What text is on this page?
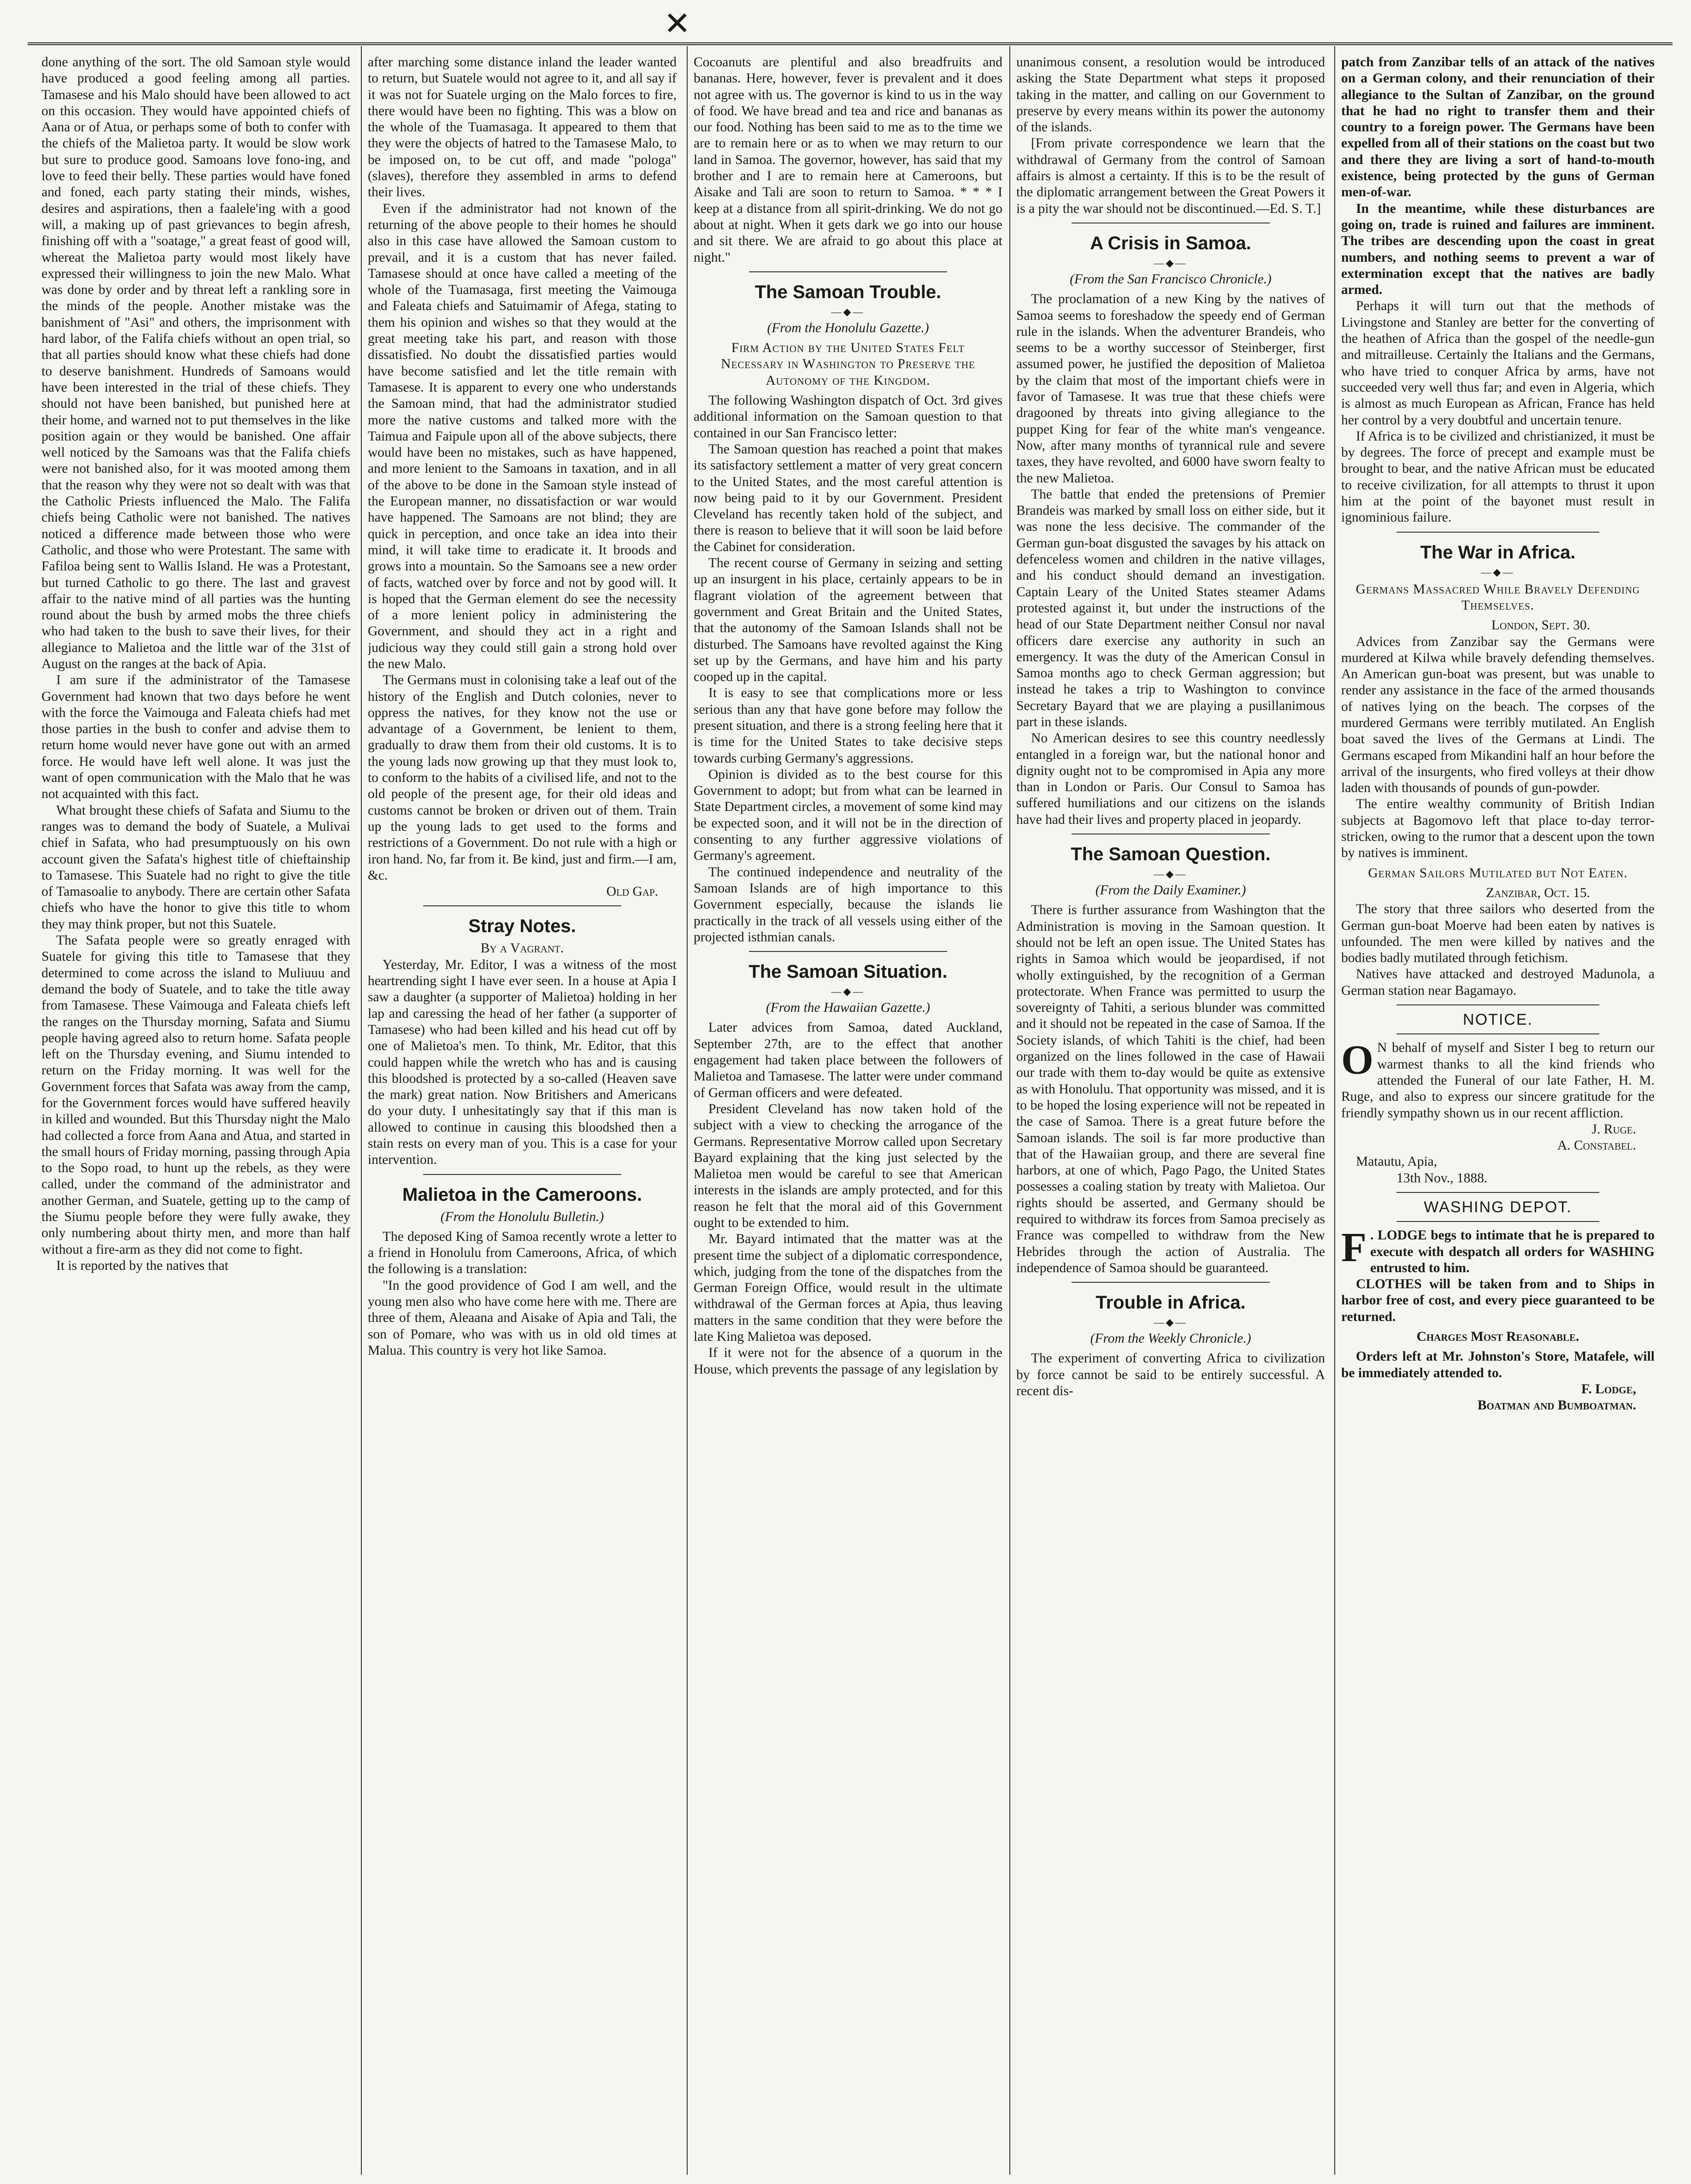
✕

done anything of the sort. The old Samoan style would have produced a good feeling among all parties. Tamasese and his Malo should have been allowed to act on this occasion. They would have appointed chiefs of Aana or of Atua, or perhaps some of both to confer with the chiefs of the Malietoa party. It would be slow work but sure to produce good. Samoans love fono-ing, and love to feed their belly. These parties would have foned and foned, each party stating their minds, wishes, desires and aspirations, then a faalele'ing with a good will, a making up of past grievances to begin afresh, finishing off with a "soatage," a great feast of good will, whereat the Malietoa party would most likely have expressed their willingness to join the new Malo. What was done by order and by threat left a rankling sore in the minds of the people. Another mistake was the banishment of "Asi" and others, the imprisonment with hard labor, of the Falifa chiefs without an open trial, so that all parties should know what these chiefs had done to deserve banishment. Hundreds of Samoans would have been interested in the trial of these chiefs. They should not have been banished, but punished here at their home, and warned not to put themselves in the like position again or they would be banished. One affair well noticed by the Samoans was that the Falifa chiefs were not banished also, for it was mooted among them that the reason why they were not so dealt with was that the Catholic Priests influenced the Malo. The Falifa chiefs being Catholic were not banished. The natives noticed a difference made between those who were Catholic, and those who were Protestant. The same with Fafiloa being sent to Wallis Island. He was a Protestant, but turned Catholic to go there. The last and gravest affair to the native mind of all parties was the hunting round about the bush by armed mobs the three chiefs who had taken to the bush to save their lives, for their allegiance to Malietoa and the little war of the 31st of August on the ranges at the back of Apia.

I am sure if the administrator of the Tamasese Government had known that two days before he went with the force the Vaimouga and Faleata chiefs had met those parties in the bush to confer and advise them to return home would never have gone out with an armed force. He would have left well alone. It was just the want of open communication with the Malo that he was not acquainted with this fact.

What brought these chiefs of Safata and Siumu to the ranges was to demand the body of Suatele, a Mulivai chief in Safata, who had presumptuously on his own account given the Safata's highest title of chieftainship to Tamasese. This Suatele had no right to give the title of Tamasoalie to anybody. There are certain other Safata chiefs who have the honor to give this title to whom they may think proper, but not this Suatele.

The Safata people were so greatly enraged with Suatele for giving this title to Tamasese that they determined to come across the island to Muliuuu and demand the body of Suatele, and to take the title away from Tamasese. These Vaimouga and Faleata chiefs left the ranges on the Thursday morning, Safata and Siumu people having agreed also to return home. Safata people left on the Thursday evening, and Siumu intended to return on the Friday morning. It was well for the Government forces that Safata was away from the camp, for the Government forces would have suffered heavily in killed and wounded. But this Thursday night the Malo had collected a force from Aana and Atua, and started in the small hours of Friday morning, passing through Apia to the Sopo road, to hunt up the rebels, as they were called, under the command of the administrator and another German, and Suatele, getting up to the camp of the Siumu people before they were fully awake, they only numbering about thirty men, and more than half without a fire-arm as they did not come to fight.

It is reported by the natives that

after marching some distance inland the leader wanted to return, but Suatele would not agree to it, and all say if it was not for Suatele urging on the Malo forces to fire, there would have been no fighting. This was a blow on the whole of the Tuamasaga. It appeared to them that they were the objects of hatred to the Tamasese Malo, to be imposed on, to be cut off, and made "pologa" (slaves), therefore they assembled in arms to defend their lives.

Even if the administrator had not known of the returning of the above people to their homes he should also in this case have allowed the Samoan custom to prevail, and it is a custom that has never failed. Tamasese should at once have called a meeting of the whole of the Tuamasaga, first meeting the Vaimouga and Faleata chiefs and Satuimamir of Afega, stating to them his opinion and wishes so that they would at the great meeting take his part, and reason with those dissatisfied. No doubt the dissatisfied parties would have become satisfied and let the title remain with Tamasese. It is apparent to every one who understands the Samoan mind, that had the administrator studied more the native customs and talked more with the Taimua and Faipule upon all of the above subjects, there would have been no mistakes, such as have happened, and more lenient to the Samoans in taxation, and in all of the above to be done in the Samoan style instead of the European manner, no dissatisfaction or war would have happened. The Samoans are not blind; they are quick in perception, and once take an idea into their mind, it will take time to eradicate it. It broods and grows into a mountain. So the Samoans see a new order of facts, watched over by force and not by good will. It is hoped that the German element do see the necessity of a more lenient policy in administering the Government, and should they act in a right and judicious way they could still gain a strong hold over the new Malo.

The Germans must in colonising take a leaf out of the history of the English and Dutch colonies, never to oppress the natives, for they know not the use or advantage of a Government, be lenient to them, gradually to draw them from their old customs. It is to the young lads now growing up that they must look to, to conform to the habits of a civilised life, and not to the old people of the present age, for their old ideas and customs cannot be broken or driven out of them. Train up the young lads to get used to the forms and restrictions of a Government. Do not rule with a high or iron hand. No, far from it. Be kind, just and firm.—I am, &c.

Old Gap.
Stray Notes.
By a Vagrant.

Yesterday, Mr. Editor, I was a witness of the most heartrending sight I have ever seen. In a house at Apia I saw a daughter (a supporter of Malietoa) holding in her lap and caressing the head of her father (a supporter of Tamasese) who had been killed and his head cut off by one of Malietoa's men. To think, Mr. Editor, that this could happen while the wretch who has and is causing this bloodshed is protected by a so-called (Heaven save the mark) great nation. Now Britishers and Americans do your duty. I unhesitatingly say that if this man is allowed to continue in causing this bloodshed then a stain rests on every man of you. This is a case for your intervention.

Malietoa in the Cameroons.
(From the Honolulu Bulletin.)

The deposed King of Samoa recently wrote a letter to a friend in Honolulu from Cameroons, Africa, of which the following is a translation:

"In the good providence of God I am well, and the young men also who have come here with me. There are three of them, Aleaana and Aisake of Apia and Tali, the son of Pomare, who was with us in old old times at Malua. This country is very hot like Samoa.

Cocoanuts are plentiful and also breadfruits and bananas. Here, however, fever is prevalent and it does not agree with us. The governor is kind to us in the way of food. We have bread and tea and rice and bananas as our food. Nothing has been said to me as to the time we are to remain here or as to when we may return to our land in Samoa. The governor, however, has said that my brother and I are to remain here at Cameroons, but Aisake and Tali are soon to return to Samoa. * * * I keep at a distance from all spirit-drinking. We do not go about at night. When it gets dark we go into our house and sit there. We are afraid to go about this place at night."

The Samoan Trouble.
—◆—
(From the Honolulu Gazette.)
Firm Action by the United States Felt Necessary in Washington to Preserve the Autonomy of the Kingdom.

The following Washington dispatch of Oct. 3rd gives additional information on the Samoan question to that contained in our San Francisco letter:

The Samoan question has reached a point that makes its satisfactory settlement a matter of very great concern to the United States, and the most careful attention is now being paid to it by our Government. President Cleveland has recently taken hold of the subject, and there is reason to believe that it will soon be laid before the Cabinet for consideration.

The recent course of Germany in seizing and setting up an insurgent in his place, certainly appears to be in flagrant violation of the agreement between that government and Great Britain and the United States, that the autonomy of the Samoan Islands shall not be disturbed. The Samoans have revolted against the King set up by the Germans, and have him and his party cooped up in the capital.

It is easy to see that complications more or less serious than any that have gone before may follow the present situation, and there is a strong feeling here that it is time for the United States to take decisive steps towards curbing Germany's aggressions.

Opinion is divided as to the best course for this Government to adopt; but from what can be learned in State Department circles, a movement of some kind may be expected soon, and it will not be in the direction of consenting to any further aggressive violations of Germany's agreement.

The continued independence and neutrality of the Samoan Islands are of high importance to this Government especially, because the islands lie practically in the track of all vessels using either of the projected isthmian canals.

The Samoan Situation.
—◆—
(From the Hawaiian Gazette.)

Later advices from Samoa, dated Auckland, September 27th, are to the effect that another engagement had taken place between the followers of Malietoa and Tamasese. The latter were under command of German officers and were defeated.

President Cleveland has now taken hold of the subject with a view to checking the arrogance of the Germans. Representative Morrow called upon Secretary Bayard explaining that the king just selected by the Malietoa men would be careful to see that American interests in the islands are amply protected, and for this reason he felt that the moral aid of this Government ought to be extended to him.

Mr. Bayard intimated that the matter was at the present time the subject of a diplomatic correspondence, which, judging from the tone of the dispatches from the German Foreign Office, would result in the ultimate withdrawal of the German forces at Apia, thus leaving matters in the same condition that they were before the late King Malietoa was deposed.

If it were not for the absence of a quorum in the House, which prevents the passage of any legislation by

unanimous consent, a resolution would be introduced asking the State Department what steps it proposed taking in the matter, and calling on our Government to preserve by every means within its power the autonomy of the islands.

[From private correspondence we learn that the withdrawal of Germany from the control of Samoan affairs is almost a certainty. If this is to be the result of the diplomatic arrangement between the Great Powers it is a pity the war should not be discontinued.—Ed. S. T.]

A Crisis in Samoa.
—◆—
(From the San Francisco Chronicle.)

The proclamation of a new King by the natives of Samoa seems to foreshadow the speedy end of German rule in the islands. When the adventurer Brandeis, who seems to be a worthy successor of Steinberger, first assumed power, he justified the deposition of Malietoa by the claim that most of the important chiefs were in favor of Tamasese. It was true that these chiefs were dragooned by threats into giving allegiance to the puppet King for fear of the white man's vengeance. Now, after many months of tyrannical rule and severe taxes, they have revolted, and 6000 have sworn fealty to the new Malietoa.

The battle that ended the pretensions of Premier Brandeis was marked by small loss on either side, but it was none the less decisive. The commander of the German gun-boat disgusted the savages by his attack on defenceless women and children in the native villages, and his conduct should demand an investigation. Captain Leary of the United States steamer Adams protested against it, but under the instructions of the head of our State Department neither Consul nor naval officers dare exercise any authority in such an emergency. It was the duty of the American Consul in Samoa months ago to check German aggression; but instead he takes a trip to Washington to convince Secretary Bayard that we are playing a pusillanimous part in these islands.

No American desires to see this country needlessly entangled in a foreign war, but the national honor and dignity ought not to be compromised in Apia any more than in London or Paris. Our Consul to Samoa has suffered humiliations and our citizens on the islands have had their lives and property placed in jeopardy.

The Samoan Question.
—◆—
(From the Daily Examiner.)

There is further assurance from Washington that the Administration is moving in the Samoan question. It should not be left an open issue. The United States has rights in Samoa which would be jeopardised, if not wholly extinguished, by the recognition of a German protectorate. When France was permitted to usurp the sovereignty of Tahiti, a serious blunder was committed and it should not be repeated in the case of Samoa. If the Society islands, of which Tahiti is the chief, had been organized on the lines followed in the case of Hawaii our trade with them to-day would be quite as extensive as with Honolulu. That opportunity was missed, and it is to be hoped the losing experience will not be repeated in the case of Samoa. There is a great future before the Samoan islands. The soil is far more productive than that of the Hawaiian group, and there are several fine harbors, at one of which, Pago Pago, the United States possesses a coaling station by treaty with Malietoa. Our rights should be asserted, and Germany should be required to withdraw its forces from Samoa precisely as France was compelled to withdraw from the New Hebrides through the action of Australia. The independence of Samoa should be guaranteed.

Trouble in Africa.
—◆—
(From the Weekly Chronicle.)

The experiment of converting Africa to civilization by force cannot be said to be entirely successful. A recent dis-

patch from Zanzibar tells of an attack of the natives on a German colony, and their renunciation of their allegiance to the Sultan of Zanzibar, on the ground that he had no right to transfer them and their country to a foreign power. The Germans have been expelled from all of their stations on the coast but two and there they are living a sort of hand-to-mouth existence, being protected by the guns of German men-of-war.

In the meantime, while these disturbances are going on, trade is ruined and failures are imminent. The tribes are descending upon the coast in great numbers, and nothing seems to prevent a war of extermination except that the natives are badly armed.

Perhaps it will turn out that the methods of Livingstone and Stanley are better for the converting of the heathen of Africa than the gospel of the needle-gun and mitrailleuse. Certainly the Italians and the Germans, who have tried to conquer Africa by arms, have not succeeded very well thus far; and even in Algeria, which is almost as much European as African, France has held her control by a very doubtful and uncertain tenure.

If Africa is to be civilized and christianized, it must be by degrees. The force of precept and example must be brought to bear, and the native African must be educated to receive civilization, for all attempts to thrust it upon him at the point of the bayonet must result in ignominious failure.

The War in Africa.
—◆—
Germans Massacred While Bravely Defending Themselves.
London, Sept. 30.

Advices from Zanzibar say the Germans were murdered at Kilwa while bravely defending themselves. An American gun-boat was present, but was unable to render any assistance in the face of the armed thousands of natives lying on the beach. The corpses of the murdered Germans were terribly mutilated. An English boat saved the lives of the Germans at Lindi. The Germans escaped from Mikandini half an hour before the arrival of the insurgents, who fired volleys at their dhow laden with thousands of pounds of gun-powder.

The entire wealthy community of British Indian subjects at Bagomovo left that place to-day terror-stricken, owing to the rumor that a descent upon the town by natives is imminent.

German Sailors Mutilated but Not Eaten.
Zanzibar, Oct. 15.

The story that three sailors who deserted from the German gun-boat Moerve had been eaten by natives is unfounded. The men were killed by natives and the bodies badly mutilated through fetichism.

Natives have attacked and destroyed Madunola, a German station near Bagamayo.

NOTICE.

O N behalf of myself and Sister I beg to return our warmest thanks to all the kind friends who attended the Funeral of our late Father, H. M. Ruge, and also to express our sincere gratitude for the friendly sympathy shown us in our recent affliction.

J. Ruge.
A. Constabel.

Matautu, Apia,

13th Nov., 1888.

WASHING DEPOT.

F . LODGE begs to intimate that he is prepared to execute with despatch all orders for WASHING entrusted to him.

CLOTHES will be taken from and to Ships in harbor free of cost, and every piece guaranteed to be returned.

Charges Most Reasonable.

Orders left at Mr. Johnston's Store, Matafele, will be immediately attended to.

F. Lodge,
Boatman and Bumboatman.
